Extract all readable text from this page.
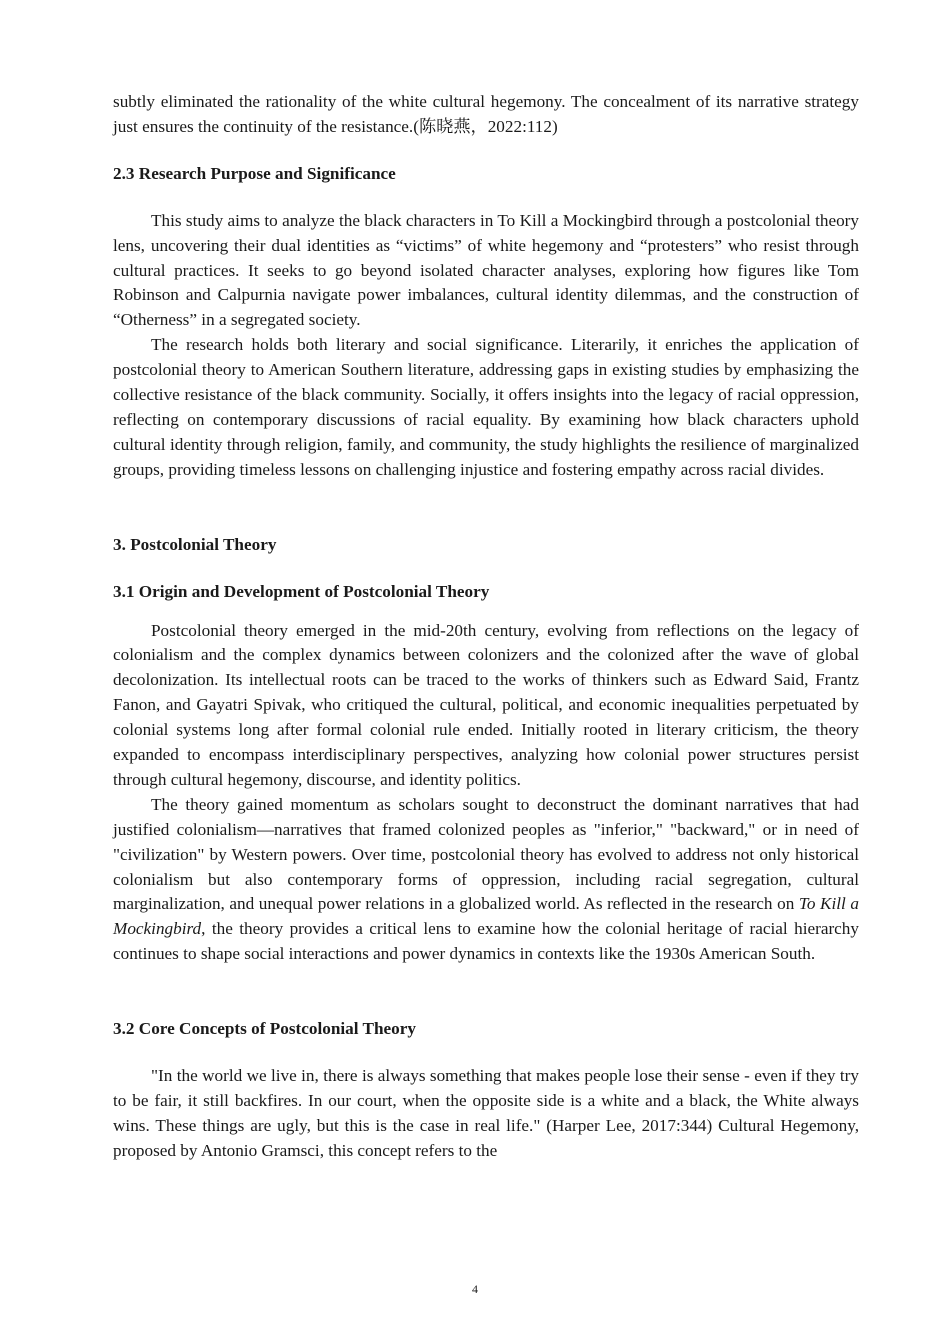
subtly eliminated the rationality of the white cultural hegemony. The concealment of its narrative strategy just ensures the continuity of the resistance.(陈晓燕，2022:112)

2.3 Research Purpose and Significance

This study aims to analyze the black characters in To Kill a Mockingbird through a postcolonial theory lens, uncovering their dual identities as “victims” of white hegemony and “protesters” who resist through cultural practices. It seeks to go beyond isolated character analyses, exploring how figures like Tom Robinson and Calpurnia navigate power imbalances, cultural identity dilemmas, and the construction of “Otherness” in a segregated society.

The research holds both literary and social significance. Literarily, it enriches the application of postcolonial theory to American Southern literature, addressing gaps in existing studies by emphasizing the collective resistance of the black community. Socially, it offers insights into the legacy of racial oppression, reflecting on contemporary discussions of racial equality. By examining how black characters uphold cultural identity through religion, family, and community, the study highlights the resilience of marginalized groups, providing timeless lessons on challenging injustice and fostering empathy across racial divides.

3. Postcolonial Theory
3.1 Origin and Development of Postcolonial Theory

Postcolonial theory emerged in the mid-20th century, evolving from reflections on the legacy of colonialism and the complex dynamics between colonizers and the colonized after the wave of global decolonization. Its intellectual roots can be traced to the works of thinkers such as Edward Said, Frantz Fanon, and Gayatri Spivak, who critiqued the cultural, political, and economic inequalities perpetuated by colonial systems long after formal colonial rule ended. Initially rooted in literary criticism, the theory expanded to encompass interdisciplinary perspectives, analyzing how colonial power structures persist through cultural hegemony, discourse, and identity politics.

The theory gained momentum as scholars sought to deconstruct the dominant narratives that had justified colonialism—narratives that framed colonized peoples as "inferior," "backward," or in need of "civilization" by Western powers. Over time, postcolonial theory has evolved to address not only historical colonialism but also contemporary forms of oppression, including racial segregation, cultural marginalization, and unequal power relations in a globalized world. As reflected in the research on To Kill a Mockingbird, the theory provides a critical lens to examine how the colonial heritage of racial hierarchy continues to shape social interactions and power dynamics in contexts like the 1930s American South.

3.2 Core Concepts of Postcolonial Theory

"In the world we live in, there is always something that makes people lose their sense - even if they try to be fair, it still backfires. In our court, when the opposite side is a white and a black, the White always wins. These things are ugly, but this is the case in real life." (Harper Lee, 2017:344) Cultural Hegemony, proposed by Antonio Gramsci, this concept refers to the

4
